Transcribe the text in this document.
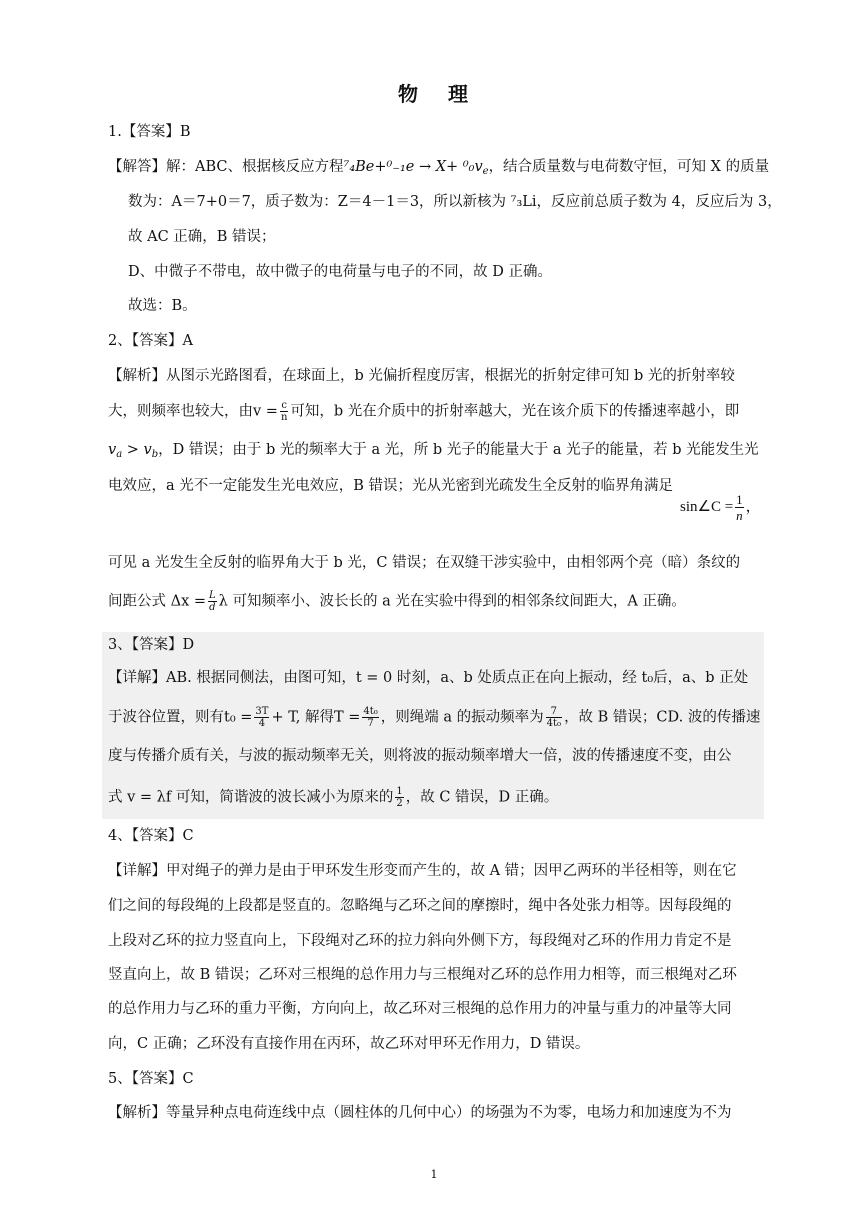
物 理
1.【答案】B
【解答】解：ABC、根据核反应方程$^7_4Be+^0_{-1}e \to X+ ^0_0v_e$，结合质量数与电荷数守恒，可知 X 的质量
数为：A＝7+0＝7，质子数为：Z＝4－1＝3，所以新核为 ⁷₃Li，反应前总质子数为 4，反应后为 3，
故 AC 正确，B 错误；
D、中微子不带电，故中微子的电荷量与电子的不同，故 D 正确。
故选：B。
2、【答案】A
【解析】从图示光路图看，在球面上，b 光偏折程度厉害，根据光的折射定律可知 b 光的折射率较
大，则频率也较大，由$v = \frac{c}{n}$ 可知，b 光在介质中的折射率越大，光在该介质下的传播速率越小，即
$v_a > v_b$，D 错误；由于 b 光的频率大于 a 光，所 b 光子的能量大于 a 光子的能量，若 b 光能发生光
电效应，a 光不一定能发生光电效应，B 错误；光从光密到光疏发生全反射的临界角满足
sin∠C = $\frac{1}{n}$ ，
可见 a 光发生全反射的临界角大于 b 光，C 错误；在双缝干涉实验中，由相邻两个亮（暗）条纹的
间距公式 $\Delta x = \frac{L}{d}$ λ 可知频率小、波长长的 a 光在实验中得到的相邻条纹间距大，A 正确。
3、【答案】D
【详解】AB. 根据同侧法，由图可知，t = 0 时刻，a、b 处质点正在向上振动，经 t₀后，a、b 正处
于波谷位置，则有$t_0 = \frac{3T}{4} + T$, 解得$T = \frac{\text{4t₀}}{7}$ ，则绳端 a 的振动频率为 $\frac{7}{\text{4t₀}}$ ，故 B 错误；CD. 波的传播速
度与传播介质有关，与波的振动频率无关，则将波的振动频率增大一倍，波的传播速度不变，由公
式 v = λf 可知，简谐波的波长减小为原来的 $\frac{1}{2}$ ，故 C 错误，D 正确。
4、【答案】C
【详解】甲对绳子的弹力是由于甲环发生形变而产生的，故 A 错；因甲乙两环的半径相等，则在它
们之间的每段绳的上段都是竖直的。忽略绳与乙环之间的摩擦时，绳中各处张力相等。因每段绳的
上段对乙环的拉力竖直向上，下段绳对乙环的拉力斜向外侧下方，每段绳对乙环的作用力肯定不是
竖直向上，故 B 错误；乙环对三根绳的总作用力与三根绳对乙环的总作用力相等，而三根绳对乙环
的总作用力与乙环的重力平衡，方向向上，故乙环对三根绳的总作用力的冲量与重力的冲量等大同
向，C 正确；乙环没有直接作用在丙环，故乙环对甲环无作用力，D 错误。
5、【答案】C
【解析】等量异种点电荷连线中点（圆柱体的几何中心）的场强为不为零，电场力和加速度为不为
1
